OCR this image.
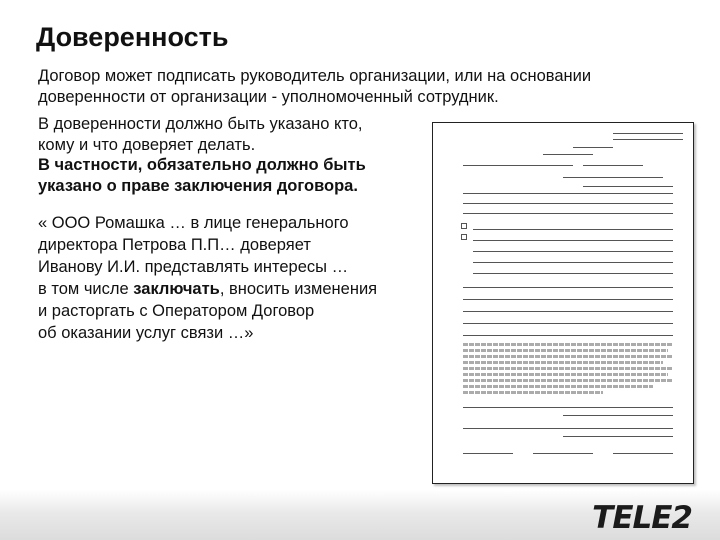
Доверенность
Договор может подписать руководитель организации, или на основании
доверенности от организации - уполномоченный сотрудник.
В доверенности должно быть указано кто,
кому и что доверяет делать.
В частности, обязательно должно быть
указано о праве заключения договора.
« ООО Ромашка … в лице генерального
директора Петрова П.П… доверяет
Иванову И.И. представлять интересы …
в том числе заключать, вносить изменения
и расторгать с Оператором Договор
об оказании услуг связи …»
TELE2
